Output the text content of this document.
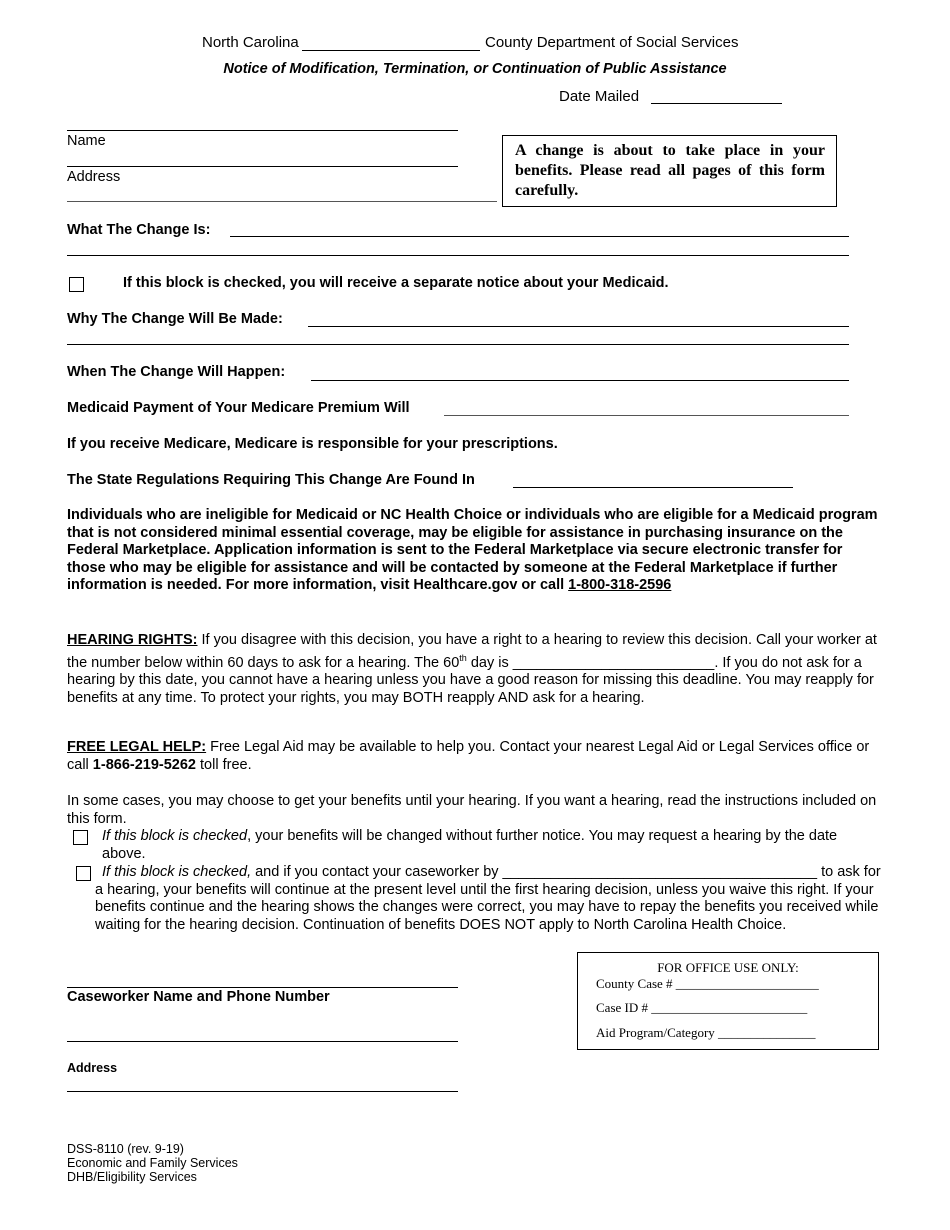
North Carolina	County Department of Social Services
Notice of Modification, Termination, or Continuation of Public Assistance
Date Mailed
Name
Address
A change is about to take place in your benefits. Please read all pages of this form carefully.
What The Change Is:
If this block is checked, you will receive a separate notice about your Medicaid.
Why The Change Will Be Made:
When The Change Will Happen:
Medicaid Payment of Your Medicare Premium Will
If you receive Medicare, Medicare is responsible for your prescriptions.
The State Regulations Requiring This Change Are Found In
Individuals who are ineligible for Medicaid or NC Health Choice or individuals who are eligible for a Medicaid program that is not considered minimal essential coverage, may be eligible for assistance in purchasing insurance on the Federal Marketplace. Application information is sent to the Federal Marketplace via secure electronic transfer for those who may be eligible for assistance and will be contacted by someone at the Federal Marketplace if further information is needed. For more information, visit Healthcare.gov or call 1-800-318-2596
HEARING RIGHTS: If you disagree with this decision, you have a right to a hearing to review this decision. Call your worker at the number below within 60 days to ask for a hearing. The 60th day is _________________________. If you do not ask for a hearing by this date, you cannot have a hearing unless you have a good reason for missing this deadline. You may reapply for benefits at any time. To protect your rights, you may BOTH reapply AND ask for a hearing.
FREE LEGAL HELP: Free Legal Aid may be available to help you. Contact your nearest Legal Aid or Legal Services office or call 1-866-219-5262 toll free.
In some cases, you may choose to get your benefits until your hearing. If you want a hearing, read the instructions included on this form.
If this block is checked, your benefits will be changed without further notice. You may request a hearing by the date above.
If this block is checked, and if you contact your caseworker by _______________________________________ to ask for a hearing, your benefits will continue at the present level until the first hearing decision, unless you waive this right. If your benefits continue and the hearing shows the changes were correct, you may have to repay the benefits you received while waiting for the hearing decision. Continuation of benefits DOES NOT apply to North Carolina Health Choice.
FOR OFFICE USE ONLY:
County Case # ______________________
Case ID # ________________________
Aid Program/Category _______________
Caseworker Name and Phone Number
Address
DSS-8110 (rev. 9-19)
Economic and Family Services
DHB/Eligibility Services
